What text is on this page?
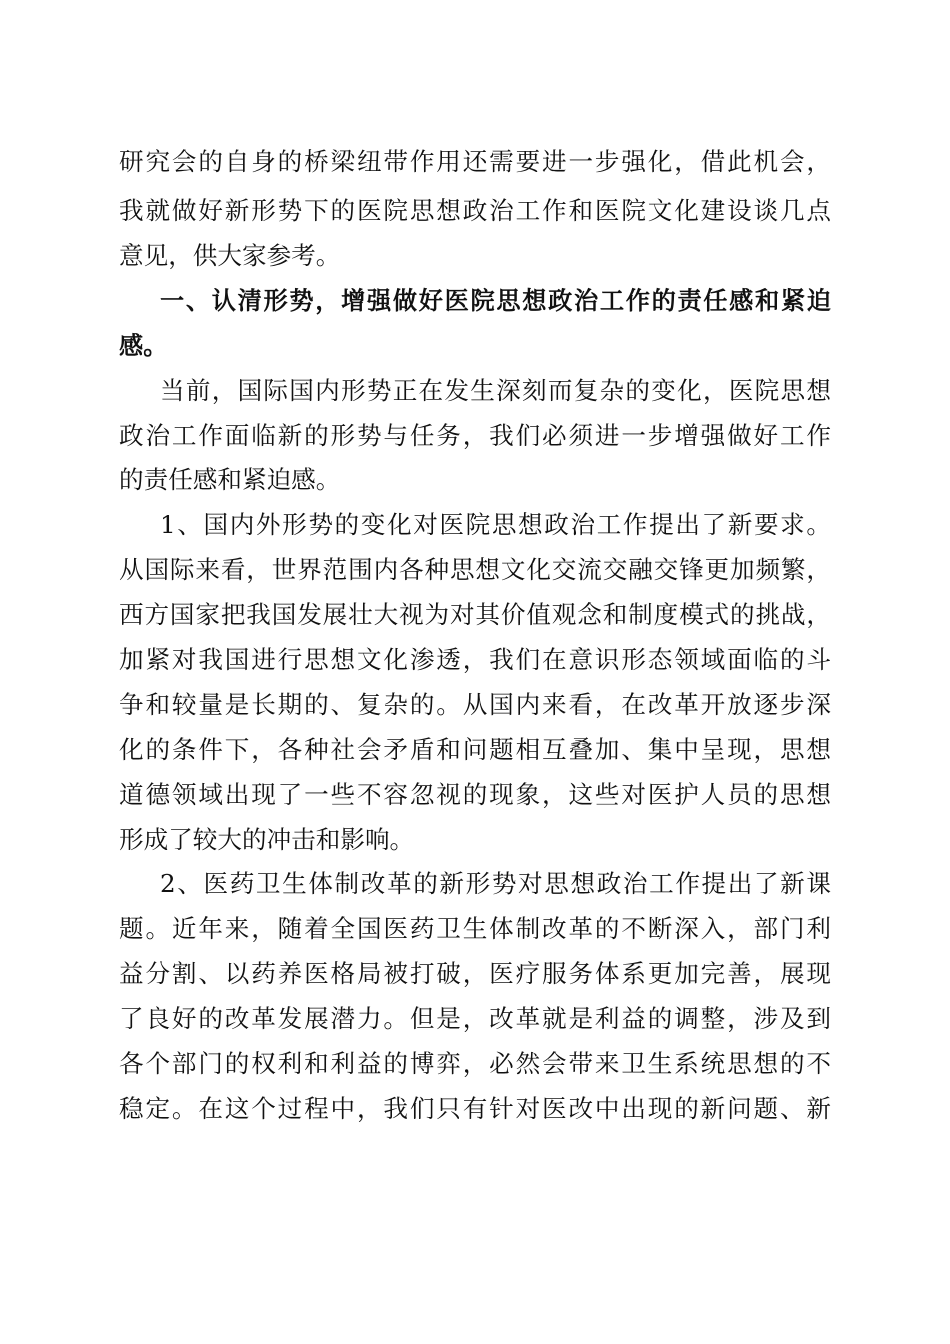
研究会的自身的桥梁纽带作用还需要进一步强化，借此机会，
我就做好新形势下的医院思想政治工作和医院文化建设谈几点
意见，供大家参考。
一、认清形势，增强做好医院思想政治工作的责任感和紧迫
感。
当前，国际国内形势正在发生深刻而复杂的变化，医院思想
政治工作面临新的形势与任务，我们必须进一步增强做好工作
的责任感和紧迫感。
1、国内外形势的变化对医院思想政治工作提出了新要求。
从国际来看，世界范围内各种思想文化交流交融交锋更加频繁，
西方国家把我国发展壮大视为对其价值观念和制度模式的挑战，
加紧对我国进行思想文化渗透，我们在意识形态领域面临的斗
争和较量是长期的、复杂的。从国内来看，在改革开放逐步深
化的条件下，各种社会矛盾和问题相互叠加、集中呈现，思想
道德领域出现了一些不容忽视的现象，这些对医护人员的思想
形成了较大的冲击和影响。
2、医药卫生体制改革的新形势对思想政治工作提出了新课
题。近年来，随着全国医药卫生体制改革的不断深入，部门利
益分割、以药养医格局被打破，医疗服务体系更加完善，展现
了良好的改革发展潜力。但是，改革就是利益的调整，涉及到
各个部门的权利和利益的博弈，必然会带来卫生系统思想的不
稳定。在这个过程中，我们只有针对医改中出现的新问题、新
